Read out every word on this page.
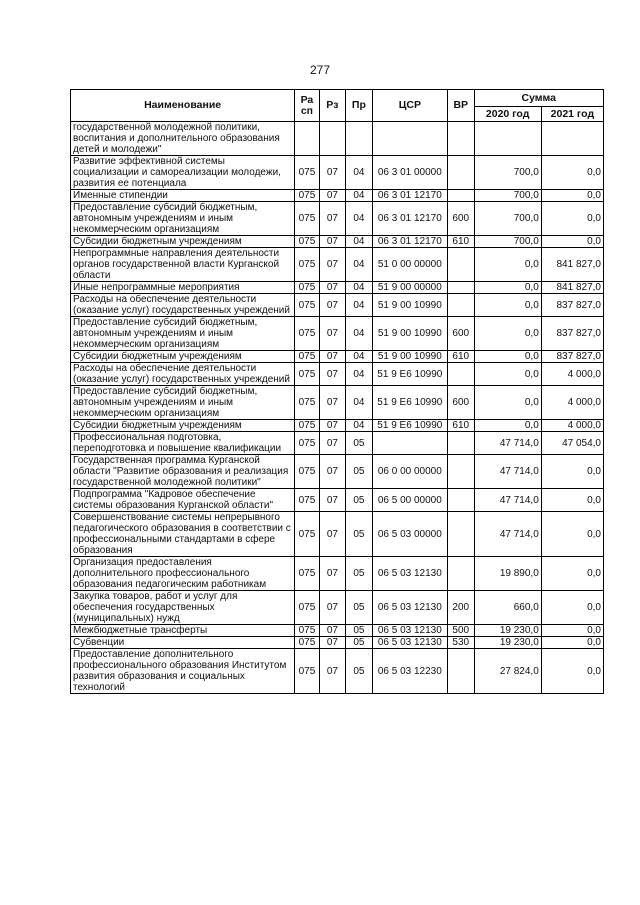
277
Наименование	Ра сп	Рз	Пр	ЦСР	ВР	Сумма	
						2020 год	2021 год
государственной молодежной политики, воспитания и дополнительного образования детей и молодежи"							
Развитие эффективной системы социализации и самореализации молодежи, развития ее потенциала	075	07	04	06 3 01 00000		700,0	0,0
Именные стипендии	075	07	04	06 3 01 12170		700,0	0,0
Предоставление субсидий бюджетным, автономным учреждениям и иным некоммерческим организациям	075	07	04	06 3 01 12170	600	700,0	0,0
Субсидии бюджетным учреждениям	075	07	04	06 3 01 12170	610	700,0	0,0
Непрограммные направления деятельности органов государственной власти Курганской области	075	07	04	51 0 00 00000		0,0	841 827,0
Иные непрограммные мероприятия	075	07	04	51 9 00 00000		0,0	841 827,0
Расходы на обеспечение деятельности (оказание услуг) государственных учреждений	075	07	04	51 9 00 10990		0,0	837 827,0
Предоставление субсидий бюджетным, автономным учреждениям и иным некоммерческим организациям	075	07	04	51 9 00 10990	600	0,0	837 827,0
Субсидии бюджетным учреждениям	075	07	04	51 9 00 10990	610	0,0	837 827,0
Расходы на обеспечение деятельности (оказание услуг) государственных учреждений	075	07	04	51 9 E6 10990		0,0	4 000,0
Предоставление субсидий бюджетным, автономным учреждениям и иным некоммерческим организациям	075	07	04	51 9 E6 10990	600	0,0	4 000,0
Субсидии бюджетным учреждениям	075	07	04	51 9 E6 10990	610	0,0	4 000,0
Профессиональная подготовка, переподготовка и повышение квалификации	075	07	05			47 714,0	47 054,0
Государственная программа Курганской области "Развитие образования и реализация государственной молодежной политики"	075	07	05	06 0 00 00000		47 714,0	0,0
Подпрограмма "Кадровое обеспечение системы образования Курганской области"	075	07	05	06 5 00 00000		47 714,0	0,0
Совершенствование системы непрерывного педагогического образования в соответствии с профессиональными стандартами в сфере образования	075	07	05	06 5 03 00000		47 714,0	0,0
Организация предоставления дополнительного профессионального образования педагогическим работникам	075	07	05	06 5 03 12130		19 890,0	0,0
Закупка товаров, работ и услуг для обеспечения государственных (муниципальных) нужд	075	07	05	06 5 03 12130	200	660,0	0,0
Межбюджетные трансферты	075	07	05	06 5 03 12130	500	19 230,0	0,0
Субвенции	075	07	05	06 5 03 12130	530	19 230,0	0,0
Предоставление дополнительного профессионального образования Институтом развития образования и социальных технологий	075	07	05	06 5 03 12230		27 824,0	0,0
